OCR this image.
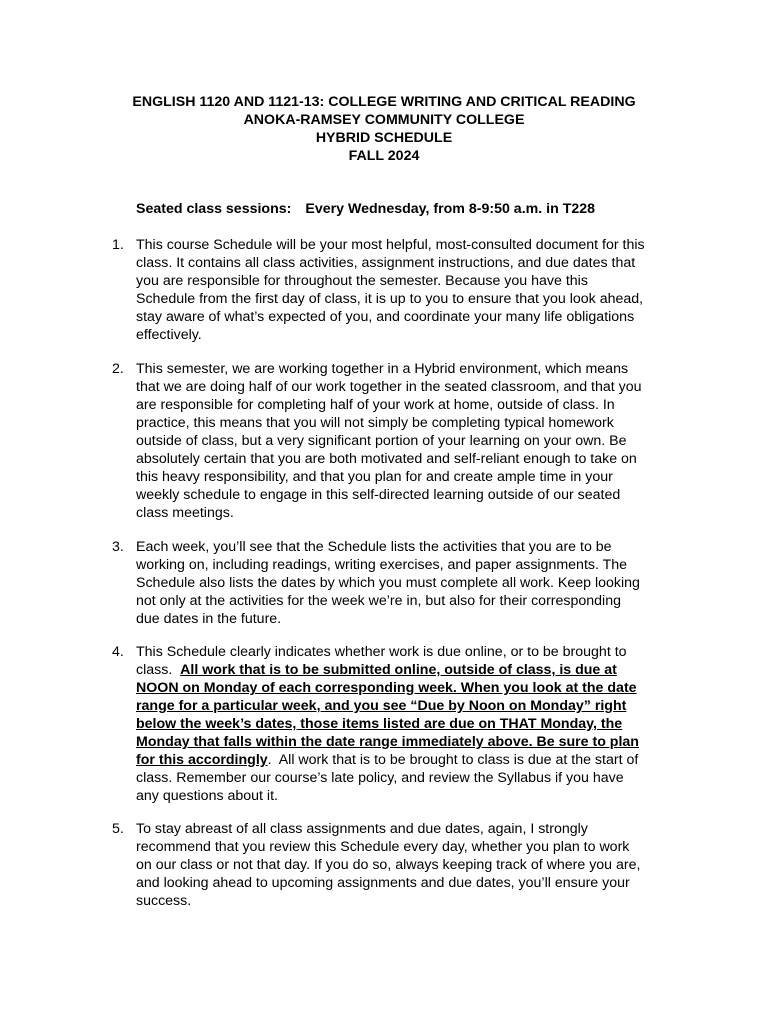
ENGLISH 1120 AND 1121-13: COLLEGE WRITING AND CRITICAL READING
ANOKA-RAMSEY COMMUNITY COLLEGE
HYBRID SCHEDULE
FALL 2024
Seated class sessions: Every Wednesday, from 8-9:50 a.m. in T228
1. This course Schedule will be your most helpful, most-consulted document for this
class. It contains all class activities, assignment instructions, and due dates that
you are responsible for throughout the semester. Because you have this
Schedule from the first day of class, it is up to you to ensure that you look ahead,
stay aware of what’s expected of you, and coordinate your many life obligations
effectively.
2. This semester, we are working together in a Hybrid environment, which means
that we are doing half of our work together in the seated classroom, and that you
are responsible for completing half of your work at home, outside of class. In
practice, this means that you will not simply be completing typical homework
outside of class, but a very significant portion of your learning on your own. Be
absolutely certain that you are both motivated and self-reliant enough to take on
this heavy responsibility, and that you plan for and create ample time in your
weekly schedule to engage in this self-directed learning outside of our seated
class meetings.
3. Each week, you’ll see that the Schedule lists the activities that you are to be
working on, including readings, writing exercises, and paper assignments. The
Schedule also lists the dates by which you must complete all work. Keep looking
not only at the activities for the week we’re in, but also for their corresponding
due dates in the future.
4. This Schedule clearly indicates whether work is due online, or to be brought to
class.  All work that is to be submitted online, outside of class, is due at
NOON on Monday of each corresponding week. When you look at the date
range for a particular week, and you see “Due by Noon on Monday” right
below the week’s dates, those items listed are due on THAT Monday, the
Monday that falls within the date range immediately above. Be sure to plan
for this accordingly.  All work that is to be brought to class is due at the start of
class. Remember our course’s late policy, and review the Syllabus if you have
any questions about it.
5. To stay abreast of all class assignments and due dates, again, I strongly
recommend that you review this Schedule every day, whether you plan to work
on our class or not that day. If you do so, always keeping track of where you are,
and looking ahead to upcoming assignments and due dates, you’ll ensure your
success.
